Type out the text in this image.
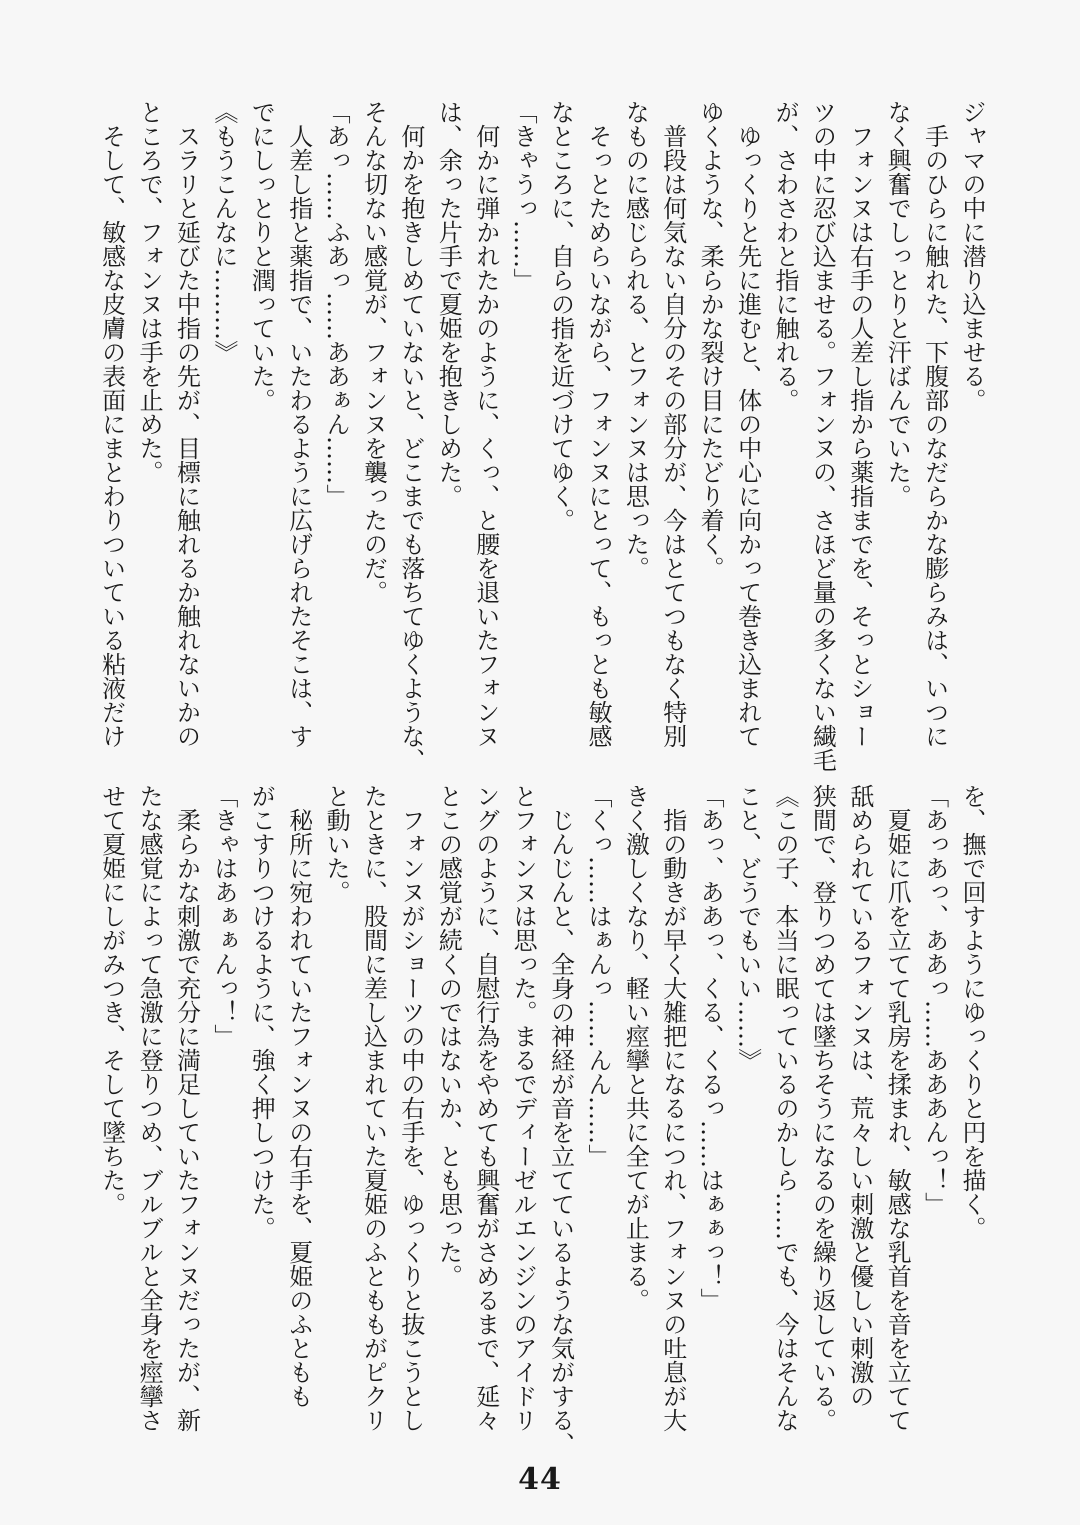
ジャマの中に潜り込ませる。

　手のひらに触れた、下腹部のなだらかな膨らみは、いつに

なく興奮でしっとりと汗ばんでいた。

　フォンヌは右手の人差し指から薬指までを、そっとショー

ツの中に忍び込ませる。フォンヌの、さほど量の多くない繊毛

が、さわさわと指に触れる。

　ゆっくりと先に進むと、体の中心に向かって巻き込まれて

ゆくような、柔らかな裂け目にたどり着く。

　普段は何気ない自分のその部分が、今はとてつもなく特別

なものに感じられる、とフォンヌは思った。

　そっとためらいながら、フォンヌにとって、もっとも敏感

なところに、自らの指を近づけてゆく。

「きゃうっ……」

　何かに弾かれたかのように、くっ、と腰を退いたフォンヌ

は、余った片手で夏姫を抱きしめた。

　何かを抱きしめていないと、どこまでも落ちてゆくような、

そんな切ない感覚が、フォンヌを襲ったのだ。

「あっ……ふあっ……ああぁん……」

　人差し指と薬指で、いたわるように広げられたそこは、す

でにしっとりと潤っていた。

《もうこんなに………》

　スラリと延びた中指の先が、目標に触れるか触れないかの

ところで、フォンヌは手を止めた。

　そして、敏感な皮膚の表面にまとわりついている粘液だけ

を、撫で回すようにゆっくりと円を描く。

「あっあっ、ああっ……あああんっ！」

　夏姫に爪を立てて乳房を揉まれ、敏感な乳首を音を立てて

舐められているフォンヌは、荒々しい刺激と優しい刺激の

狭間で、登りつめては墜ちそうになるのを繰り返している。

《この子、本当に眠っているのかしら……でも、今はそんな

こと、どうでもいい……》

「あっ、ああっ、くる、くるっ……はぁぁっ！」

　指の動きが早く大雑把になるにつれ、フォンヌの吐息が大

きく激しくなり、軽い痙攣と共に全てが止まる。

「くっ……はぁんっ……んん……」

　じんじんと、全身の神経が音を立てているような気がする、

とフォンヌは思った。まるでディーゼルエンジンのアイドリ

ングのように、自慰行為をやめても興奮がさめるまで、延々

とこの感覚が続くのではないか、とも思った。

　フォンヌがショーツの中の右手を、ゆっくりと抜こうとし

たときに、股間に差し込まれていた夏姫のふとももがピクリ

と動いた。

　秘所に宛われていたフォンヌの右手を、夏姫のふともも

がこすりつけるように、強く押しつけた。

「きゃはあぁぁんっ！」

　柔らかな刺激で充分に満足していたフォンヌだったが、新

たな感覚によって急激に登りつめ、ブルブルと全身を痙攣さ

せて夏姫にしがみつき、そして墜ちた。

44
